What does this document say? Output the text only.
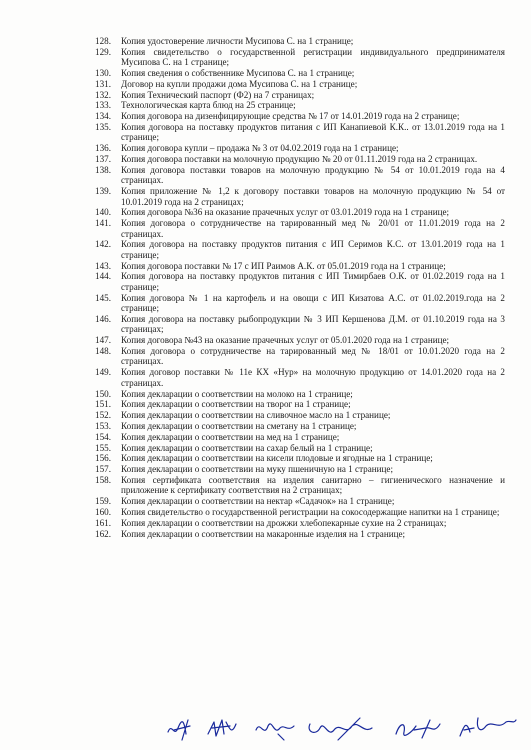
128.	Копия удостоверение личности Мусипова С. на 1 странице;
129.	Копия свидетельство о государственной регистрации индивидуального предпринимателя Мусипова С. на 1 странице;
130.	Копия сведения о собственнике Мусипова С. на 1 странице;
131.	Договор на купли продажи дома Мусипова С. на 1 странице;
132.	Копия Технический паспорт (Ф2) на 7 страницах;
133.	Технологическая карта блюд на 25 странице;
134.	Копия договора на дизенфицирующие средства № 17 от 14.01.2019 года на 2 странице;
135.	Копия договора на поставку продуктов питания с ИП Канапиевой К.К.. от 13.01.2019 года на 1 странице;
136.	Копия договора купли – продажа № 3 от 04.02.2019 года на 1 странице;
137.	Копия договора поставки на молочную продукцию № 20 от 01.11.2019 года на 2 страницах.
138.	Копия договора поставки товаров на молочную продукцию № 54 от 10.01.2019 года на 4 страницах.
139.	Копия приложение № 1,2 к договору поставки товаров на молочную продукцию № 54 от 10.01.2019 года на 2 страницах;
140.	Копия договора №36 на оказание прачечных услуг от 03.01.2019 года на 1 странице;
141.	Копия договора о сотрудничестве на тарированный мед № 20/01 от 11.01.2019 года на 2 страницах.
142.	Копия договора на поставку продуктов питания с ИП Серимов К.С. от 13.01.2019 года на 1 странице;
143.	Копия договора поставки № 17 с ИП Раимов А.К. от 05.01.2019 года на 1 странице;
144.	Копия договора на поставку продуктов питания с ИП Тимирбаев О.К. от 01.02.2019 года на 1 странице;
145.	Копия договора № 1 на картофель и на овощи с ИП Кизатова А.С. от 01.02.2019.года на 2 странице;
146.	Копия договора на поставку рыбопродукции № 3 ИП Кершенова Д.М. от 01.10.2019 года на 3 страницах;
147.	Копия договора №43 на оказание прачечных услуг от 05.01.2020 года на 1 странице;
148.	Копия договора о сотрудничестве на тарированный мед № 18/01 от 10.01.2020 года на 2 страницах.
149.	Копия договор поставки № 11е КХ «Нур» на молочную продукцию от 14.01.2020 года на 2 страницах.
150.	Копия декларации о соответствии на молоко на 1 странице;
151.	Копия декларации о соответствии на творог на 1 странице;
152.	Копия декларации о соответствии на сливочное масло на 1 странице;
153.	Копия декларации о соответствии на сметану на 1 странице;
154.	Копия декларации о соответствии на мед на 1 странице;
155.	Копия декларации о соответствии на сахар белый на 1 странице;
156.	Копия декларации о соответствии на кисели плодовые и ягодные на 1 странице;
157.	Копия декларации о соответствии на муку пшеничную на 1 странице;
158.	Копия сертификата соответствия на изделия санитарно – гигиенического назначение и приложение к сертификату соответствия на 2 страницах;
159.	Копия декларации о соответствии на нектар «Садачок» на 1 странице;
160.	Копия свидетельство о государственной регистрации на сокосодержащие напитки на 1 странице;
161.	Копия декларации о соответствии на дрожжи хлебопекарные сухие на 2 страницах;
162.	Копия декларации о соответствии на макаронные изделия на 1 странице;
